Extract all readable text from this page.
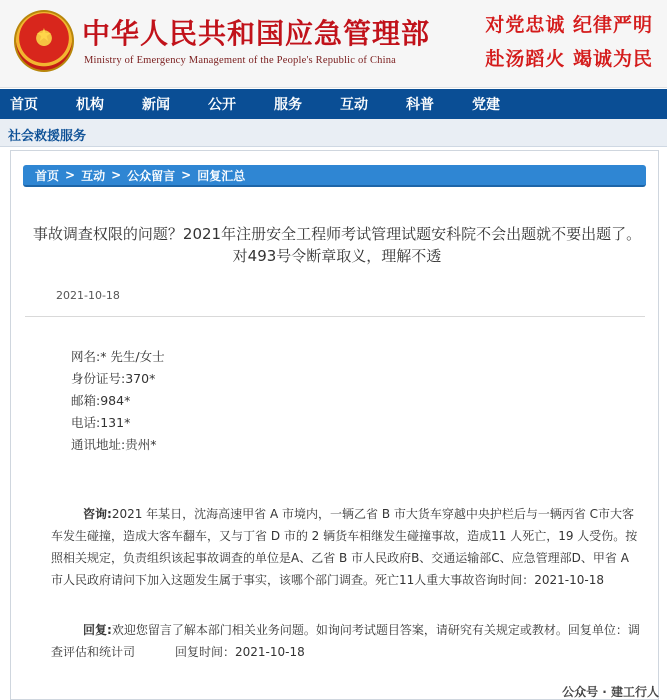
★
中华人民共和国应急管理部
Ministry of Emergency Management of the People's Republic of China
对党忠诚 纪律严明
赴汤蹈火 竭诚为民
首页	机构	新闻	公开	服务	互动	科普	党建
社会救援服务
首页 > 互动 > 公众留言 > 回复汇总
事故调查权限的问题？2021年注册安全工程师考试管理试题安科院不会出题就不要出题了。对493号令断章取义，理解不透
2021-10-18
网名:* 先生/女士
身份证号:370*
邮箱:984*
电话:131*
通讯地址:贵州*
咨询:2021 年某日，沈海高速甲省 A 市境内，一辆乙省 B 市大货车穿越中央护栏后与一辆丙省 C市大客车发生碰撞，造成大客车翻车，又与丁省 D 市的 2 辆货车相继发生碰撞事故，造成11 人死亡，19 人受伤。按照相关规定，负责组织该起事故调查的单位是A、乙省 B 市人民政府B、交通运输部C、应急管理部D、甲省 A 市人民政府请问下加入这题发生属于事实，该哪个部门调查。死亡11人重大事故咨询时间：2021-10-18
回复:欢迎您留言了解本部门相关业务问题。如询问考试题目答案，请研究有关规定或教材。回复单位：调查评估和统计司	回复时间：2021-10-18
公众号 · 建工行人
